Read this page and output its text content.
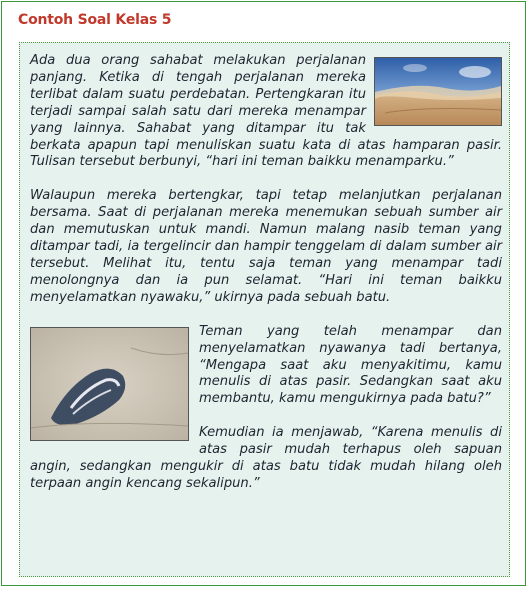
Contoh Soal Kelas 5

Ada dua orang sahabat melakukan perjalanan panjang. Ketika di tengah perjalanan mereka terlibat dalam suatu perdebatan. Pertengkaran itu terjadi sampai salah satu dari mereka menampar yang lainnya. Sahabat yang ditampar itu tak berkata apapun tapi menuliskan suatu kata di atas hamparan pasir. Tulisan tersebut berbunyi, “hari ini teman baikku menamparku.”

Walaupun mereka bertengkar, tapi tetap melanjutkan perjalanan bersama. Saat di perjalanan mereka menemukan sebuah sumber air dan memutuskan untuk mandi. Namun malang nasib teman yang ditampar tadi, ia tergelincir dan hampir tenggelam di dalam sumber air tersebut. Melihat itu, tentu saja teman yang menampar tadi menolongnya dan ia pun selamat. “Hari ini teman baikku menyelamatkan nyawaku,” ukirnya pada sebuah batu.

Teman yang telah menampar dan menyelamatkan nyawanya tadi bertanya, “Mengapa saat aku menyakitimu, kamu menulis di atas pasir. Sedangkan saat aku membantu, kamu mengukirnya pada batu?”

Kemudian ia menjawab, “Karena menulis di atas pasir mudah terhapus oleh sapuan angin, sedangkan mengukir di atas batu tidak mudah hilang oleh terpaan angin kencang sekalipun.”
